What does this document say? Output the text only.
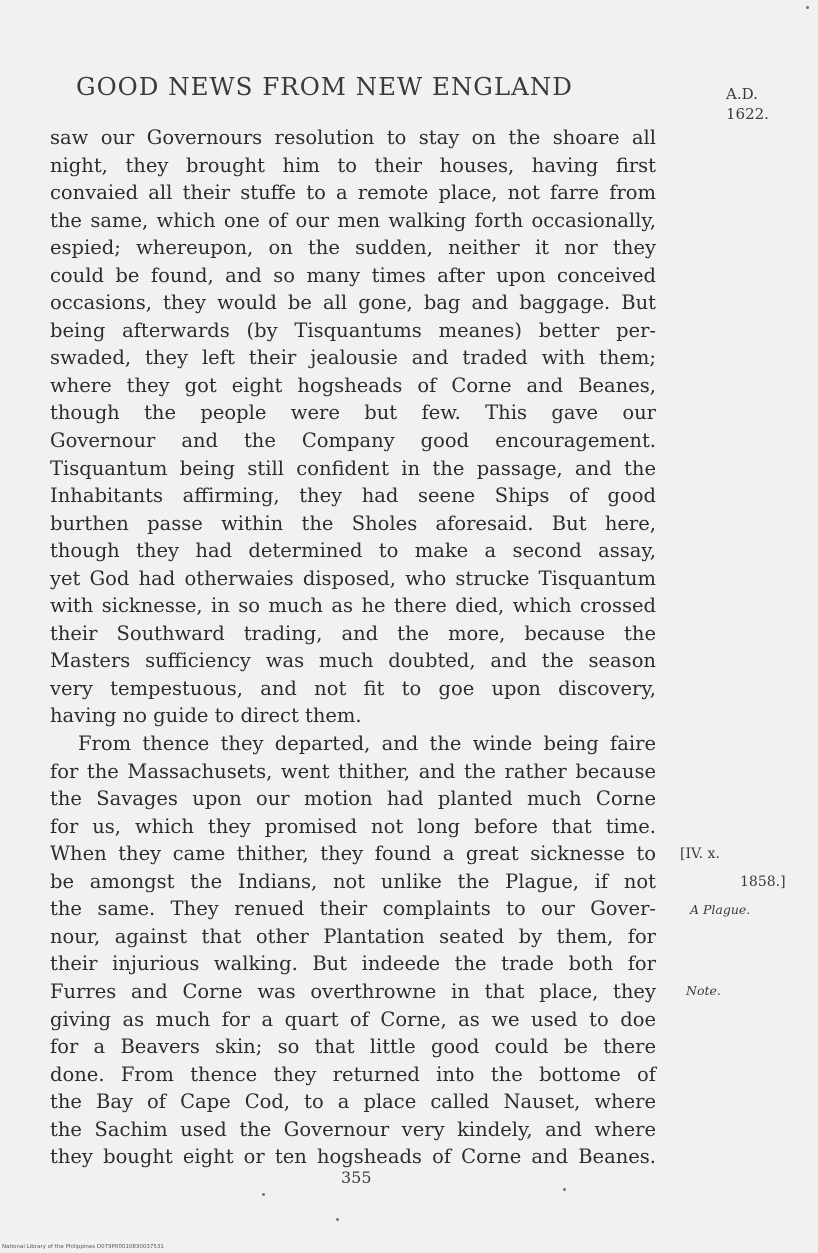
GOOD NEWS FROM NEW ENGLAND	A.D.
1622.
saw our Governours resolution to stay on the shoare all
night, they brought him to their houses, having first
convaied all their stuffe to a remote place, not farre from
the same, which one of our men walking forth occasionally,
espied; whereupon, on the sudden, neither it nor they
could be found, and so many times after upon conceived
occasions, they would be all gone, bag and baggage. But
being afterwards (by Tisquantums meanes) better per-
swaded, they left their jealousie and traded with them;
where they got eight hogsheads of Corne and Beanes,
though the people were but few. This gave our
Governour and the Company good encouragement.
Tisquantum being still confident in the passage, and the
Inhabitants affirming, they had seene Ships of good
burthen passe within the Sholes aforesaid. But here,
though they had determined to make a second assay,
yet God had otherwaies disposed, who strucke Tisquantum
with sicknesse, in so much as he there died, which crossed
their Southward trading, and the more, because the
Masters sufficiency was much doubted, and the season
very tempestuous, and not fit to goe upon discovery,
having no guide to direct them.
From thence they departed, and the winde being faire
for the Massachusets, went thither, and the rather because
the Savages upon our motion had planted much Corne
for us, which they promised not long before that time.
When they came thither, they found a great sicknesse to
be amongst the Indians, not unlike the Plague, if not
the same. They renued their complaints to our Gover-
nour, against that other Plantation seated by them, for
their injurious walking. But indeede the trade both for
Furres and Corne was overthrowne in that place, they
giving as much for a quart of Corne, as we used to doe
for a Beavers skin; so that little good could be there
done. From thence they returned into the bottome of
the Bay of Cape Cod, to a place called Nauset, where
the Sachim used the Governour very kindely, and where
they bought eight or ten hogsheads of Corne and Beanes.
[IV. x.
1858.]
A Plague.
Note.
355
National Library of the Philippines D079P00010830037531
